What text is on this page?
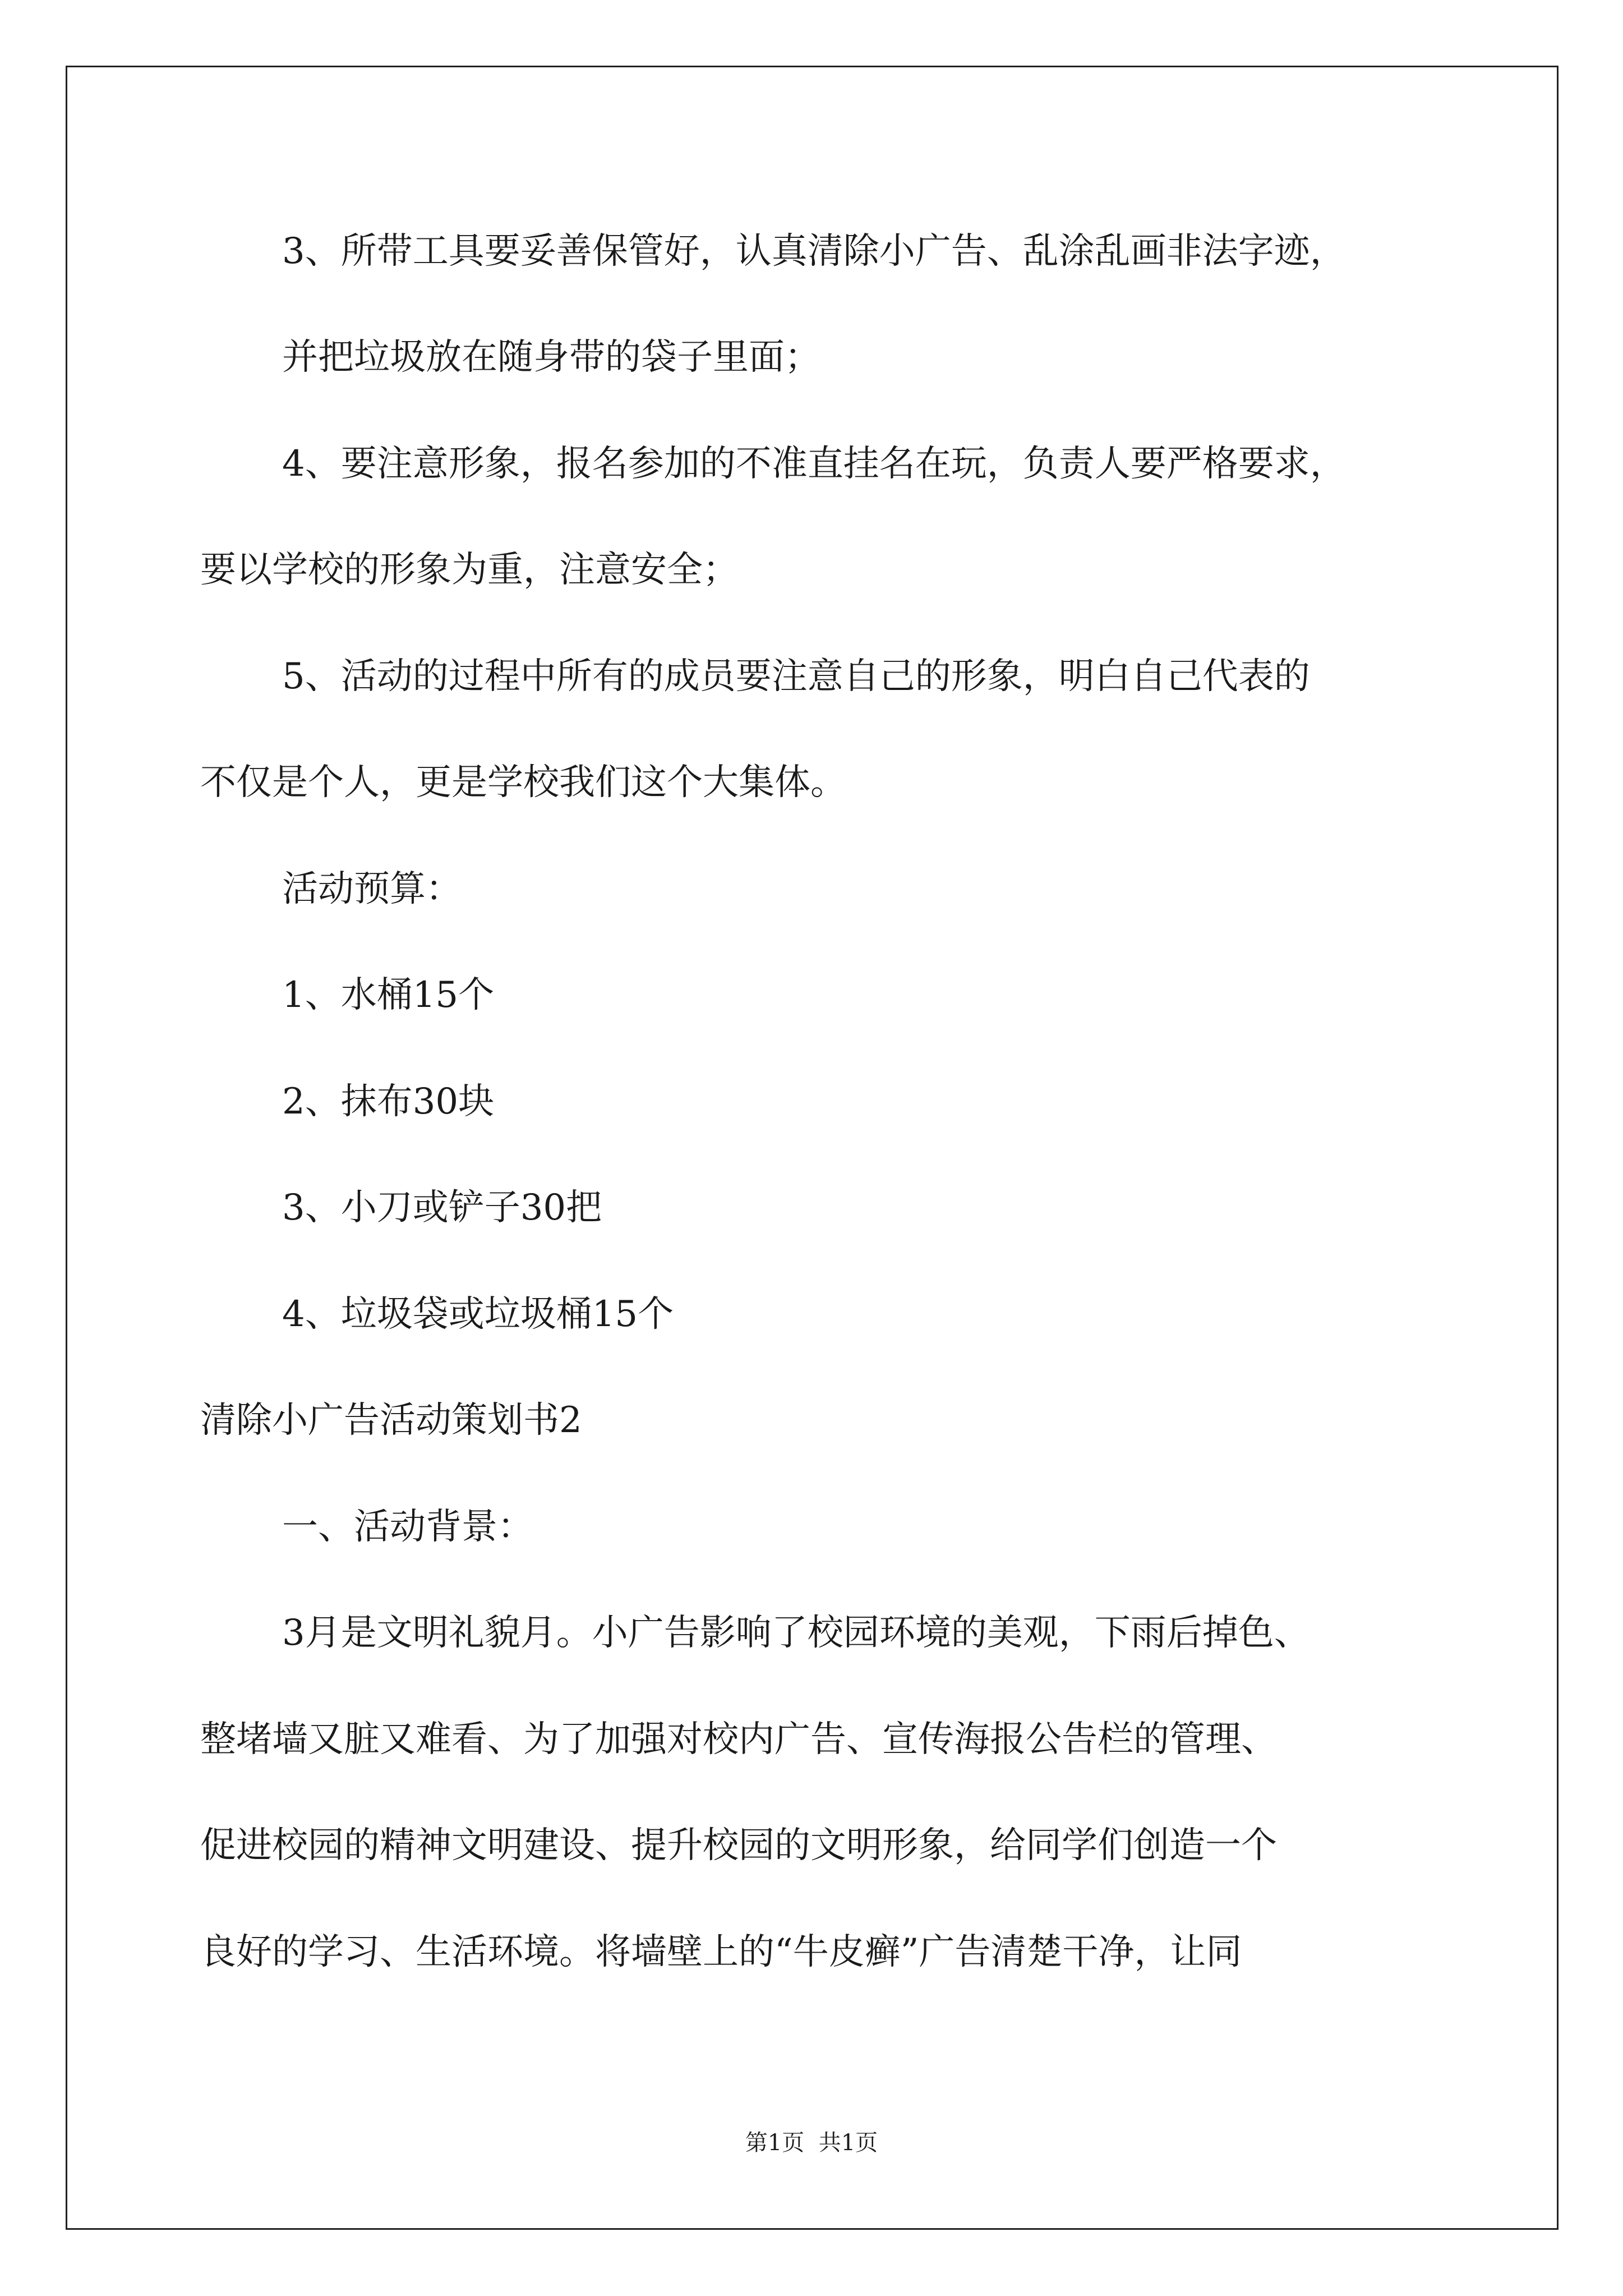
3、所带工具要妥善保管好，认真清除小广告、乱涂乱画非法字迹，
并把垃圾放在随身带的袋子里面；
4、要注意形象，报名参加的不准直挂名在玩，负责人要严格要求，
要以学校的形象为重，注意安全；
5、活动的过程中所有的成员要注意自己的形象，明白自己代表的
不仅是个人，更是学校我们这个大集体。
活动预算：
1、水桶15个
2、抹布30块
3、小刀或铲子30把
4、垃圾袋或垃圾桶15个
清除小广告活动策划书2
一、活动背景：
3月是文明礼貌月。小广告影响了校园环境的美观，下雨后掉色、
整堵墙又脏又难看、为了加强对校内广告、宣传海报公告栏的管理、
促进校园的精神文明建设、提升校园的文明形象，给同学们创造一个
良好的学习、生活环境。将墙壁上的“牛皮癣”广告清楚干净，让同
第1页  共1页
